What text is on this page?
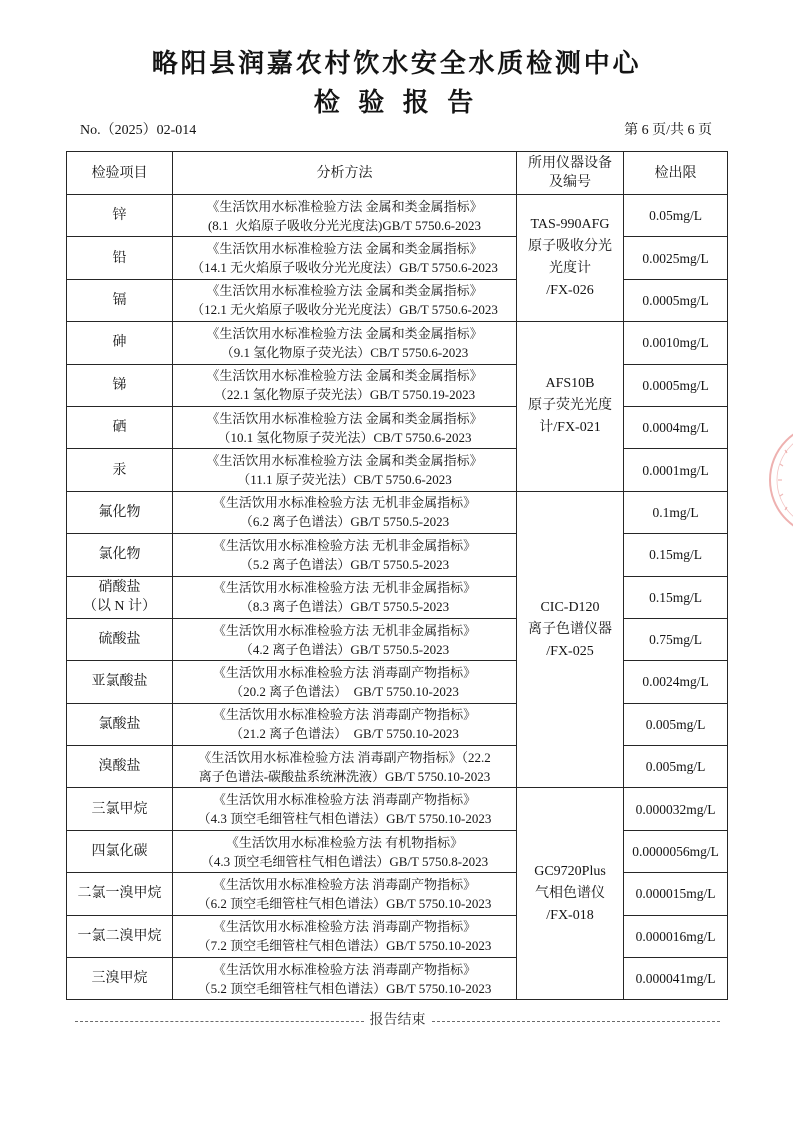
略阳县润嘉农村饮水安全水质检测中心
检 验 报 告
No.（2025）02-014	第 6 页/共 6 页
检验项目	分析方法	所用仪器设备
及编号	检出限

锌	《生活饮用水标准检验方法 金属和类金属指标》
(8.1  火焰原子吸收分光光度法)GB/T 5750.6-2023	TAS-990AFG
原子吸收分光
光度计
/FX-026	0.05mg/L

铅	《生活饮用水标准检验方法 金属和类金属指标》
（14.1 无火焰原子吸收分光光度法）GB/T 5750.6-2023		0.0025mg/L

镉	《生活饮用水标准检验方法 金属和类金属指标》
（12.1 无火焰原子吸收分光光度法）GB/T 5750.6-2023		0.0005mg/L

砷	《生活饮用水标准检验方法 金属和类金属指标》
（9.1 氢化物原子荧光法）CB/T 5750.6-2023	AFS10B
原子荧光光度
计/FX-021	0.0010mg/L

锑	《生活饮用水标准检验方法 金属和类金属指标》
（22.1 氢化物原子荧光法）GB/T 5750.19-2023		0.0005mg/L

硒	《生活饮用水标准检验方法 金属和类金属指标》
（10.1 氢化物原子荧光法）CB/T 5750.6-2023		0.0004mg/L

汞	《生活饮用水标准检验方法 金属和类金属指标》
（11.1 原子荧光法）CB/T 5750.6-2023		0.0001mg/L

氟化物	《生活饮用水标准检验方法 无机非金属指标》
（6.2 离子色谱法）GB/T 5750.5-2023	CIC-D120
离子色谱仪器
/FX-025	0.1mg/L

氯化物	《生活饮用水标准检验方法 无机非金属指标》
（5.2 离子色谱法）GB/T 5750.5-2023		0.15mg/L

硝酸盐
（以 N 计）	《生活饮用水标准检验方法 无机非金属指标》
（8.3 离子色谱法）GB/T 5750.5-2023		0.15mg/L

硫酸盐	《生活饮用水标准检验方法 无机非金属指标》
（4.2 离子色谱法）GB/T 5750.5-2023		0.75mg/L

亚氯酸盐	《生活饮用水标准检验方法 消毒副产物指标》
（20.2 离子色谱法）  GB/T 5750.10-2023		0.0024mg/L

氯酸盐	《生活饮用水标准检验方法 消毒副产物指标》
（21.2 离子色谱法）  GB/T 5750.10-2023		0.005mg/L

溴酸盐	《生活饮用水标准检验方法 消毒副产物指标》（22.2
离子色谱法-碳酸盐系统淋洗液）GB/T 5750.10-2023		0.005mg/L

三氯甲烷	《生活饮用水标准检验方法 消毒副产物指标》
（4.3 顶空毛细管柱气相色谱法）GB/T 5750.10-2023	GC9720Plus
气相色谱仪
/FX-018	0.000032mg/L

四氯化碳	《生活饮用水标准检验方法 有机物指标》
（4.3 顶空毛细管柱气相色谱法）GB/T 5750.8-2023		0.0000056mg/L

二氯一溴甲烷	《生活饮用水标准检验方法 消毒副产物指标》
（6.2 顶空毛细管柱气相色谱法）GB/T 5750.10-2023		0.000015mg/L

一氯二溴甲烷	《生活饮用水标准检验方法 消毒副产物指标》
（7.2 顶空毛细管柱气相色谱法）GB/T 5750.10-2023		0.000016mg/L

三溴甲烷	《生活饮用水标准检验方法 消毒副产物指标》
（5.2 顶空毛细管柱气相色谱法）GB/T 5750.10-2023		0.000041mg/L
报告结束
